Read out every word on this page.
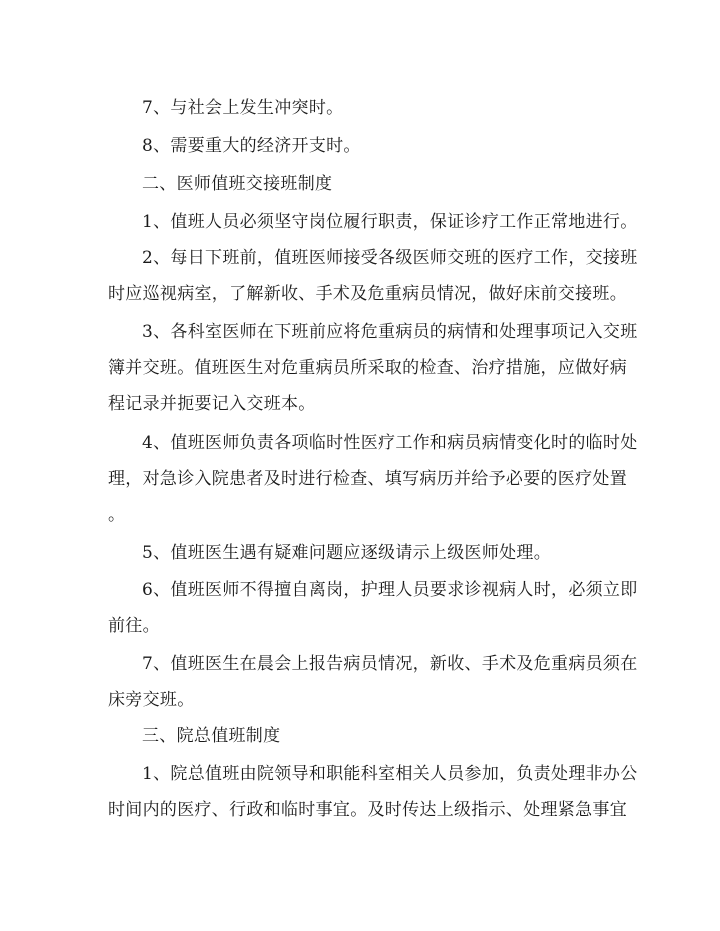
7、与社会上发生冲突时。

8、需要重大的经济开支时。

二、医师值班交接班制度

1、值班人员必须坚守岗位履行职责，保证诊疗工作正常地进行。

2、每日下班前，值班医师接受各级医师交班的医疗工作，交接班
时应巡视病室，了解新收、手术及危重病员情况，做好床前交接班。

3、各科室医师在下班前应将危重病员的病情和处理事项记入交班
簿并交班。值班医生对危重病员所采取的检查、治疗措施，应做好病
程记录并扼要记入交班本。

4、值班医师负责各项临时性医疗工作和病员病情变化时的临时处
理，对急诊入院患者及时进行检查、填写病历并给予必要的医疗处置
。

5、值班医生遇有疑难问题应逐级请示上级医师处理。

6、值班医师不得擅自离岗，护理人员要求诊视病人时，必须立即
前往。

7、值班医生在晨会上报告病员情况，新收、手术及危重病员须在
床旁交班。

三、院总值班制度

1、院总值班由院领导和职能科室相关人员参加，负责处理非办公
时间内的医疗、行政和临时事宜。及时传达上级指示、处理紧急事宜
